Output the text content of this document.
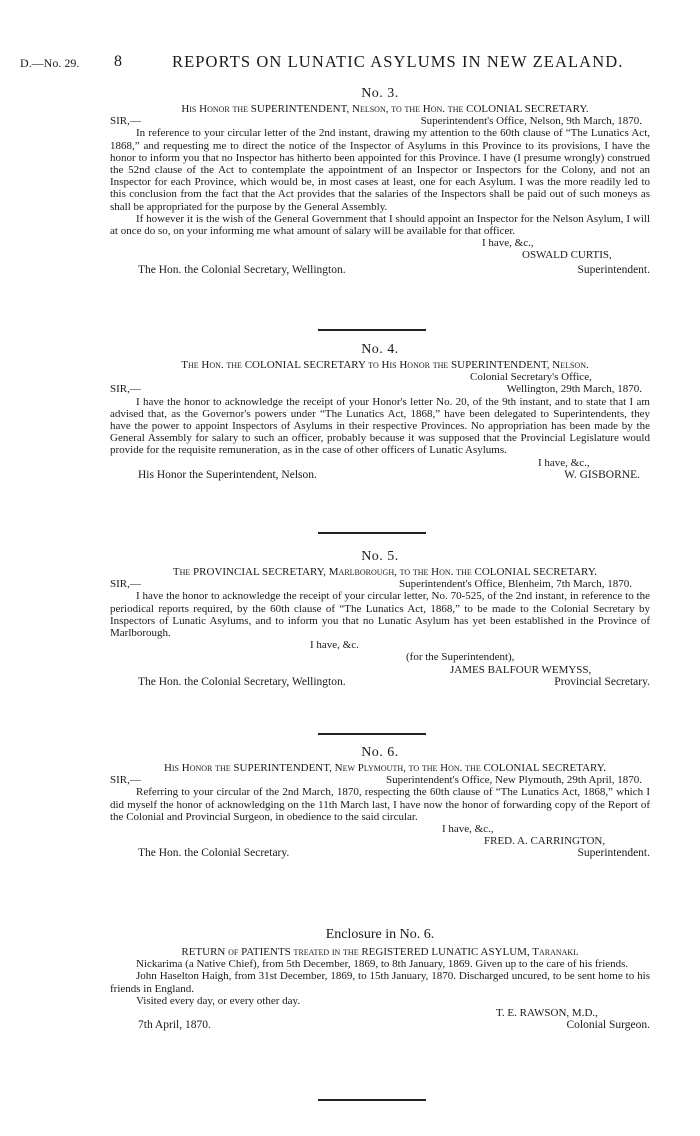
D.—No. 29. 8	REPORTS ON LUNATIC ASYLUMS IN NEW ZEALAND.
No. 3.
His Honor the SUPERINTENDENT, Nelson, to the Hon. the COLONIAL SECRETARY.
SIR,—	Superintendent's Office, Nelson, 9th March, 1870.
In reference to your circular letter of the 2nd instant, drawing my attention to the 60th clause of “The Lunatics Act, 1868,” and requesting me to direct the notice of the Inspector of Asylums in this Province to its provisions, I have the honor to inform you that no Inspector has hitherto been appointed for this Province. I have (I presume wrongly) construed the 52nd clause of the Act to contemplate the appointment of an Inspector or Inspectors for the Colony, and not an Inspector for each Province, which would be, in most cases at least, one for each Asylum. I was the more readily led to this conclusion from the fact that the Act provides that the salaries of the Inspectors shall be paid out of such moneys as shall be appropriated for the purpose by the General Assembly.
If however it is the wish of the General Government that I should appoint an Inspector for the Nelson Asylum, I will at once do so, on your informing me what amount of salary will be available for that officer.
I have, &c.,
OSWALD CURTIS,
The Hon. the Colonial Secretary, Wellington.	Superintendent.
No. 4.
The Hon. the COLONIAL SECRETARY to His Honor the SUPERINTENDENT, Nelson.
Colonial Secretary's Office,
SIR,—	Wellington, 29th March, 1870.
I have the honor to acknowledge the receipt of your Honor's letter No. 20, of the 9th instant, and to state that I am advised that, as the Governor's powers under “The Lunatics Act, 1868,” have been delegated to Superintendents, they have the power to appoint Inspectors of Asylums in their respective Provinces. No appropriation has been made by the General Assembly for salary to such an officer, probably because it was supposed that the Provincial Legislature would provide for the requisite remuneration, as in the case of other officers of Lunatic Asylums.
I have, &c.,
His Honor the Superintendent, Nelson.	W. GISBORNE.
No. 5.
The PROVINCIAL SECRETARY, Marlborough, to the Hon. the COLONIAL SECRETARY.
SIR,—	Superintendent's Office, Blenheim, 7th March, 1870.
I have the honor to acknowledge the receipt of your circular letter, No. 70-525, of the 2nd instant, in reference to the periodical reports required, by the 60th clause of “The Lunatics Act, 1868,” to be made to the Colonial Secretary by Inspectors of Lunatic Asylums, and to inform you that no Lunatic Asylum has yet been established in the Province of Marlborough.
I have, &c.
(for the Superintendent),
JAMES BALFOUR WEMYSS,
The Hon. the Colonial Secretary, Wellington.	Provincial Secretary.
No. 6.
His Honor the SUPERINTENDENT, New Plymouth, to the Hon. the COLONIAL SECRETARY.
SIR,—	Superintendent's Office, New Plymouth, 29th April, 1870.
Referring to your circular of the 2nd March, 1870, respecting the 60th clause of “The Lunatics Act, 1868,” which I did myself the honor of acknowledging on the 11th March last, I have now the honor of forwarding copy of the Report of the Colonial and Provincial Surgeon, in obedience to the said circular.
I have, &c.,
FRED. A. CARRINGTON,
The Hon. the Colonial Secretary.	Superintendent.
Enclosure in No. 6.
RETURN of PATIENTS treated in the REGISTERED LUNATIC ASYLUM, Taranaki.
Nickarima (a Native Chief), from 5th December, 1869, to 8th January, 1869. Given up to the care of his friends.
John Haselton Haigh, from 31st December, 1869, to 15th January, 1870. Discharged uncured, to be sent home to his friends in England.
Visited every day, or every other day.
T. E. RAWSON, M.D.,
7th April, 1870.	Colonial Surgeon.
